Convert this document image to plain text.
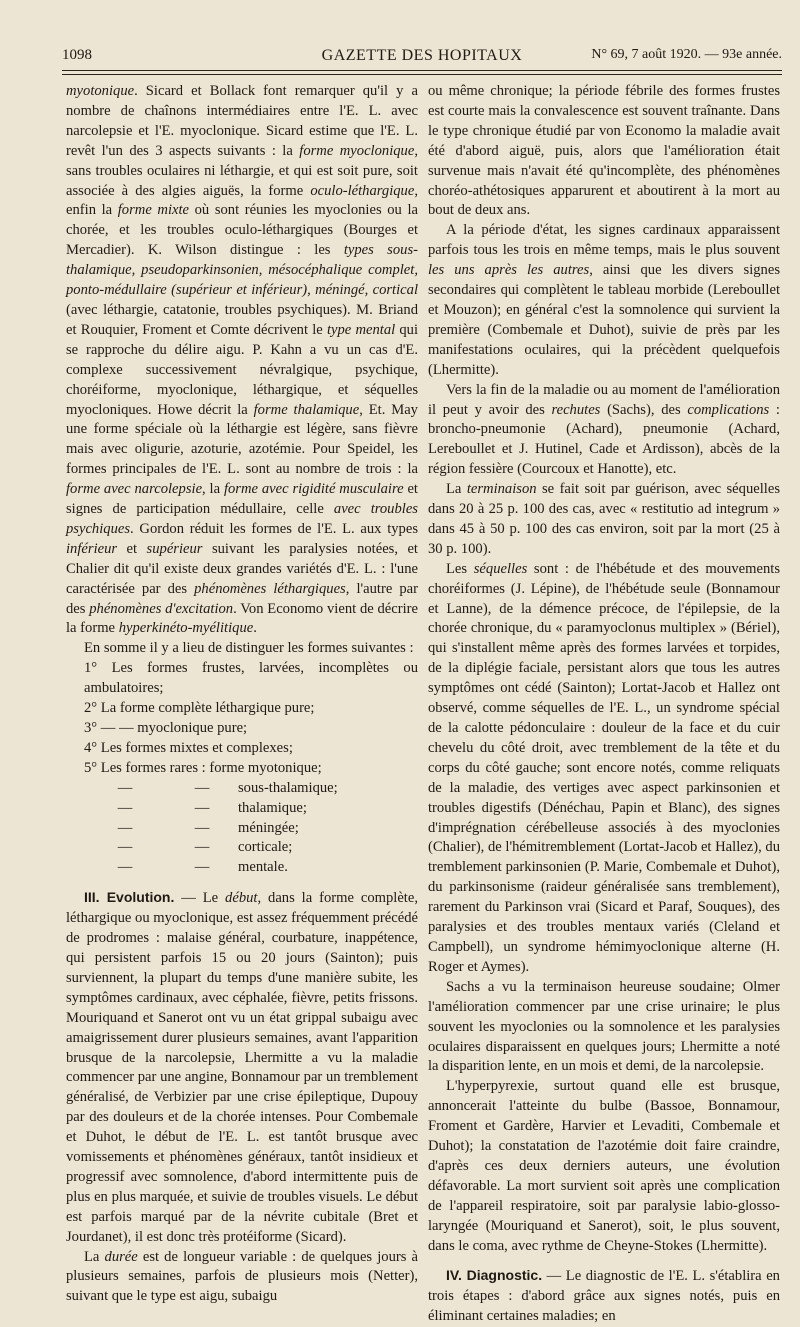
1098	GAZETTE DES HOPITAUX	N° 69, 7 août 1920. — 93e année.

myotonique. Sicard et Bollack font remarquer qu'il y a nombre de chaînons intermédiaires entre l'E. L. avec narcolepsie et l'E. myoclonique. Sicard estime que l'E. L. revêt l'un des 3 aspects suivants : la forme myoclonique, sans troubles oculaires ni léthargie, et qui est soit pure, soit associée à des algies aiguës, la forme oculo-léthargique, enfin la forme mixte où sont réunies les myoclonies ou la chorée, et les troubles oculo-léthargiques (Bourges et Mercadier). K. Wilson distingue : les types sous-thalamique, pseudoparkinsonien, mésocéphalique complet, ponto-médullaire (supérieur et inférieur), méningé, cortical (avec léthargie, catatonie, troubles psychiques). M. Briand et Rouquier, Froment et Comte décrivent le type mental qui se rapproche du délire aigu. P. Kahn a vu un cas d'E. complexe successivement névralgique, psychique, choréiforme, myoclonique, léthargique, et séquelles myocloniques. Howe décrit la forme thalamique, Et. May une forme spéciale où la léthargie est légère, sans fièvre mais avec oligurie, azoturie, azotémie. Pour Speidel, les formes principales de l'E. L. sont au nombre de trois : la forme avec narcolepsie, la forme avec rigidité musculaire et signes de participation médullaire, celle avec troubles psychiques. Gordon réduit les formes de l'E. L. aux types inférieur et supérieur suivant les paralysies notées, et Chalier dit qu'il existe deux grandes variétés d'E. L. : l'une caractérisée par des phénomènes léthargiques, l'autre par des phénomènes d'excitation. Von Economo vient de décrire la forme hyperkinéto-myélitique.

En somme il y a lieu de distinguer les formes suivantes :

1° Les formes frustes, larvées, incomplètes ou ambulatoires;

2° La forme complète léthargique pure;

3° — — myoclonique pure;

4° Les formes mixtes et complexes;

5° Les formes rares : forme myotonique;

—	—	sous-thalamique;
—	—	thalamique;
—	—	méningée;
—	—	corticale;
—	—	mentale.

III. Evolution. — Le début, dans la forme complète, léthargique ou myoclonique, est assez fréquemment précédé de prodromes : malaise général, courbature, inappétence, qui persistent parfois 15 ou 20 jours (Sainton); puis surviennent, la plupart du temps d'une manière subite, les symptômes cardinaux, avec céphalée, fièvre, petits frissons. Mouriquand et Sanerot ont vu un état grippal subaigu avec amaigrissement durer plusieurs semaines, avant l'apparition brusque de la narcolepsie, Lhermitte a vu la maladie commencer par une angine, Bonnamour par un tremblement généralisé, de Verbizier par une crise épileptique, Dupouy par des douleurs et de la chorée intenses. Pour Combemale et Duhot, le début de l'E. L. est tantôt brusque avec vomissements et phénomènes généraux, tantôt insidieux et progressif avec somnolence, d'abord intermittente puis de plus en plus marquée, et suivie de troubles visuels. Le début est parfois marqué par de la névrite cubitale (Bret et Jourdanet), il est donc très protéiforme (Sicard).

La durée est de longueur variable : de quelques jours à plusieurs semaines, parfois de plusieurs mois (Netter), suivant que le type est aigu, subaigu

ou même chronique; la période fébrile des formes frustes est courte mais la convalescence est souvent traînante. Dans le type chronique étudié par von Economo la maladie avait été d'abord aiguë, puis, alors que l'amélioration était survenue mais n'avait été qu'incomplète, des phénomènes choréo-athétosiques apparurent et aboutirent à la mort au bout de deux ans.

A la période d'état, les signes cardinaux apparaissent parfois tous les trois en même temps, mais le plus souvent les uns après les autres, ainsi que les divers signes secondaires qui complètent le tableau morbide (Lereboullet et Mouzon); en général c'est la somnolence qui survient la première (Combemale et Duhot), suivie de près par les manifestations oculaires, qui la précèdent quelquefois (Lhermitte).

Vers la fin de la maladie ou au moment de l'amélioration il peut y avoir des rechutes (Sachs), des complications : broncho-pneumonie (Achard), pneumonie (Achard, Lereboullet et J. Hutinel, Cade et Ardisson), abcès de la région fessière (Courcoux et Hanotte), etc.

La terminaison se fait soit par guérison, avec séquelles dans 20 à 25 p. 100 des cas, avec « restitutio ad integrum » dans 45 à 50 p. 100 des cas environ, soit par la mort (25 à 30 p. 100).

Les séquelles sont : de l'hébétude et des mouvements choréiformes (J. Lépine), de l'hébétude seule (Bonnamour et Lanne), de la démence précoce, de l'épilepsie, de la chorée chronique, du « paramyoclonus multiplex » (Bériel), qui s'installent même après des formes larvées et torpides, de la diplégie faciale, persistant alors que tous les autres symptômes ont cédé (Sainton); Lortat-Jacob et Hallez ont observé, comme séquelles de l'E. L., un syndrome spécial de la calotte pédonculaire : douleur de la face et du cuir chevelu du côté droit, avec tremblement de la tête et du corps du côté gauche; sont encore notés, comme reliquats de la maladie, des vertiges avec aspect parkinsonien et troubles digestifs (Dénéchau, Papin et Blanc), des signes d'imprégnation cérébelleuse associés à des myoclonies (Chalier), de l'hémitremblement (Lortat-Jacob et Hallez), du tremblement parkinsonien (P. Marie, Combemale et Duhot), du parkinsonisme (raideur généralisée sans tremblement), rarement du Parkinson vrai (Sicard et Paraf, Souques), des paralysies et des troubles mentaux variés (Cleland et Campbell), un syndrome hémimyoclonique alterne (H. Roger et Aymes).

Sachs a vu la terminaison heureuse soudaine; Olmer l'amélioration commencer par une crise urinaire; le plus souvent les myoclonies ou la somnolence et les paralysies oculaires disparaissent en quelques jours; Lhermitte a noté la disparition lente, en un mois et demi, de la narcolepsie.

L'hyperpyrexie, surtout quand elle est brusque, annoncerait l'atteinte du bulbe (Bassoe, Bonnamour, Froment et Gardère, Harvier et Levaditi, Combemale et Duhot); la constatation de l'azotémie doit faire craindre, d'après ces deux derniers auteurs, une évolution défavorable. La mort survient soit après une complication de l'appareil respiratoire, soit par paralysie labio-glosso-laryngée (Mouriquand et Sanerot), soit, le plus souvent, dans le coma, avec rythme de Cheyne-Stokes (Lhermitte).

IV. Diagnostic. — Le diagnostic de l'E. L. s'établira en trois étapes : d'abord grâce aux signes notés, puis en éliminant certaines maladies; en
